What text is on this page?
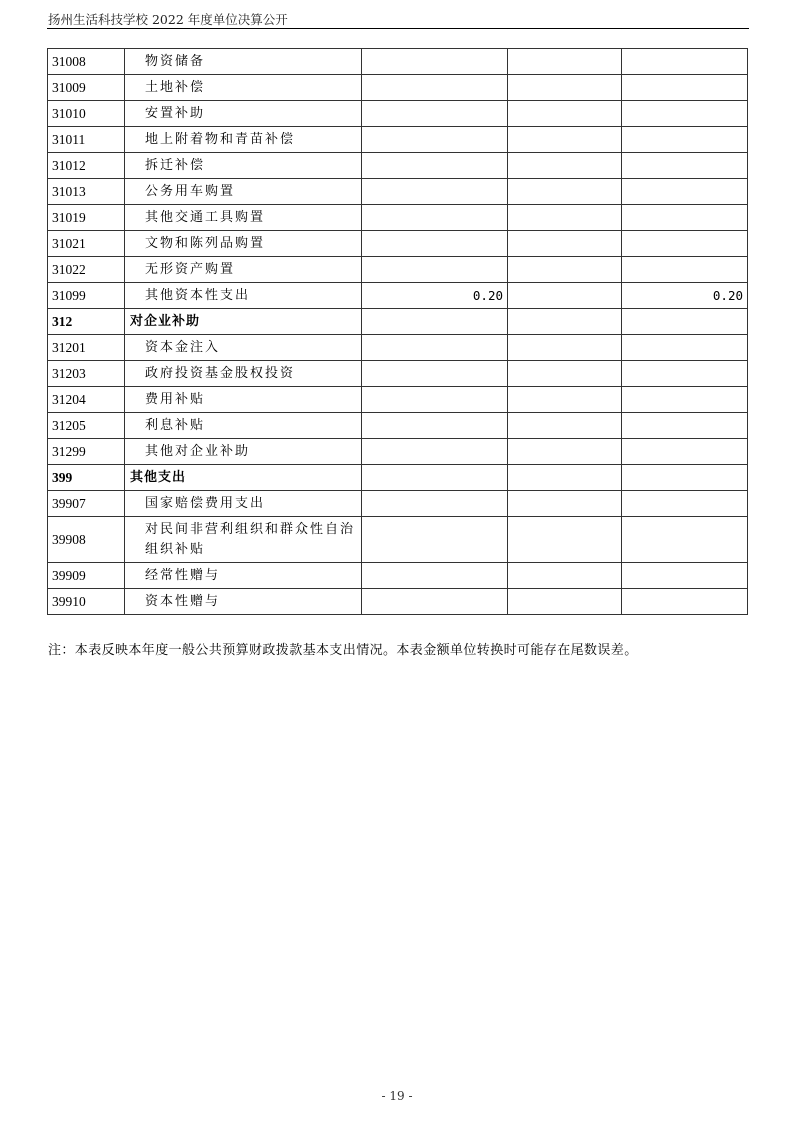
扬州生活科技学校 2022 年度单位决算公开
31008	物资储备			
31009	土地补偿			
31010	安置补助			
31011	地上附着物和青苗补偿			
31012	拆迁补偿			
31013	公务用车购置			
31019	其他交通工具购置			
31021	文物和陈列品购置			
31022	无形资产购置			
31099	其他资本性支出	0.20		0.20
312	对企业补助			
31201	资本金注入			
31203	政府投资基金股权投资			
31204	费用补贴			
31205	利息补贴			
31299	其他对企业补助			
399	其他支出			
39907	国家赔偿费用支出			
39908	对民间非营利组织和群众性自治组织补贴			
39909	经常性赠与			
39910	资本性赠与			
注：本表反映本年度一般公共预算财政拨款基本支出情况。本表金额单位转换时可能存在尾数误差。
- 19 -
